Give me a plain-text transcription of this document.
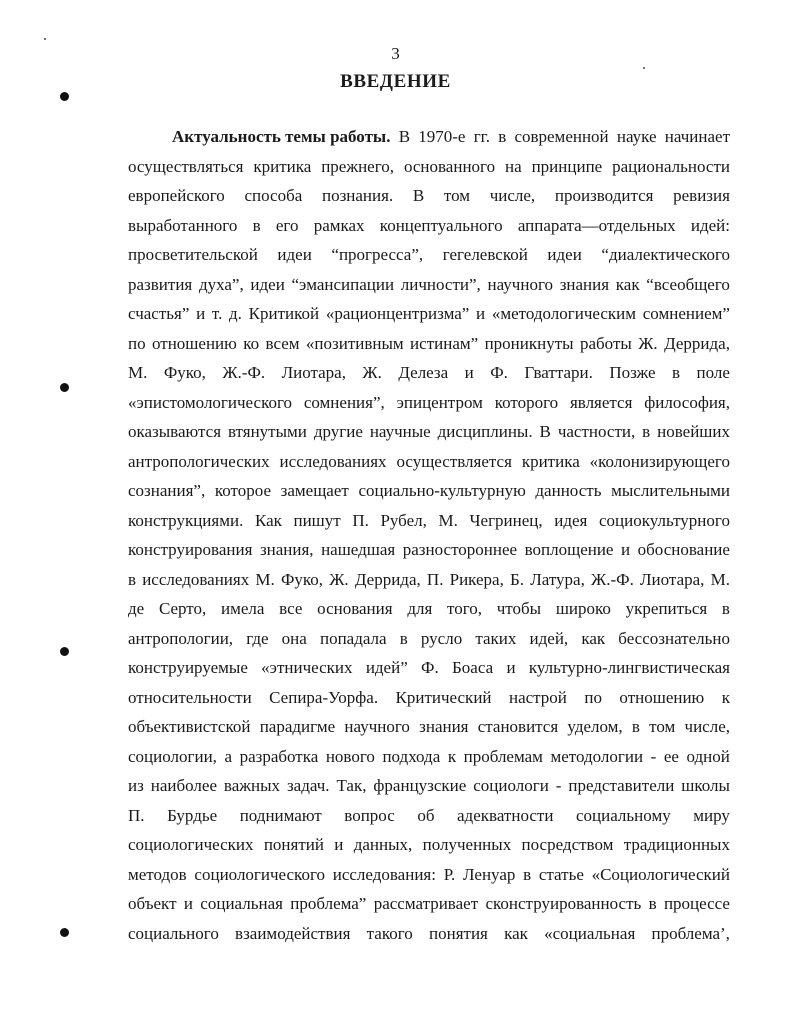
3
ВВЕДЕНИЕ
Актуальность темы работы. В 1970-е гг. в современной науке начинает
осуществляться критика прежнего, основанного на принципе рациональности
европейского способа познания. В том числе, производится ревизия
выработанного в его рамках концептуального аппарата—отдельных идей:
просветительской идеи “прогресса”, гегелевской идеи “диалектического
развития духа”, идеи “эмансипации личности”, научного знания как “всеобщего
счастья” и т. д. Критикой «рационцентризма” и «методологическим сомнением”
по отношению ко всем «позитивным истинам” проникнуты работы Ж. Деррида,
М. Фуко, Ж.-Ф. Лиотара, Ж. Делеза и Ф. Гваттари. Позже в поле
«эпистомологического сомнения”, эпицентром которого является философия,
оказываются втянутыми другие научные дисциплины. В частности, в новейших
антропологических исследованиях осуществляется критика «колонизирующего
сознания”, которое замещает социально-культурную данность мыслительными
конструкциями. Как пишут П. Рубел, М. Чегринец, идея социокультурного
конструирования знания, нашедшая разностороннее воплощение и обоснование
в исследованиях М. Фуко, Ж. Деррида, П. Рикера, Б. Латура, Ж.-Ф. Лиотара, М.
де Серто, имела все основания для того, чтобы широко укрепиться в
антропологии, где она попадала в русло таких идей, как бессознательно
конструируемые «этнических идей” Ф. Боаса и культурно-лингвистическая
относительности Сепира-Уорфа. Критический настрой по отношению к
объективистской парадигме научного знания становится уделом, в том числе,
социологии, а разработка нового подхода к проблемам методологии - ее одной
из наиболее важных задач. Так, французские социологи - представители школы
П. Бурдье поднимают вопрос об адекватности социальному миру
социологических понятий и данных, полученных посредством традиционных
методов социологического исследования: Р. Ленуар в статье «Социологический
объект и социальная проблема” рассматривает сконструированность в процессе
социального взаимодействия такого понятия как «социальная проблема’,
